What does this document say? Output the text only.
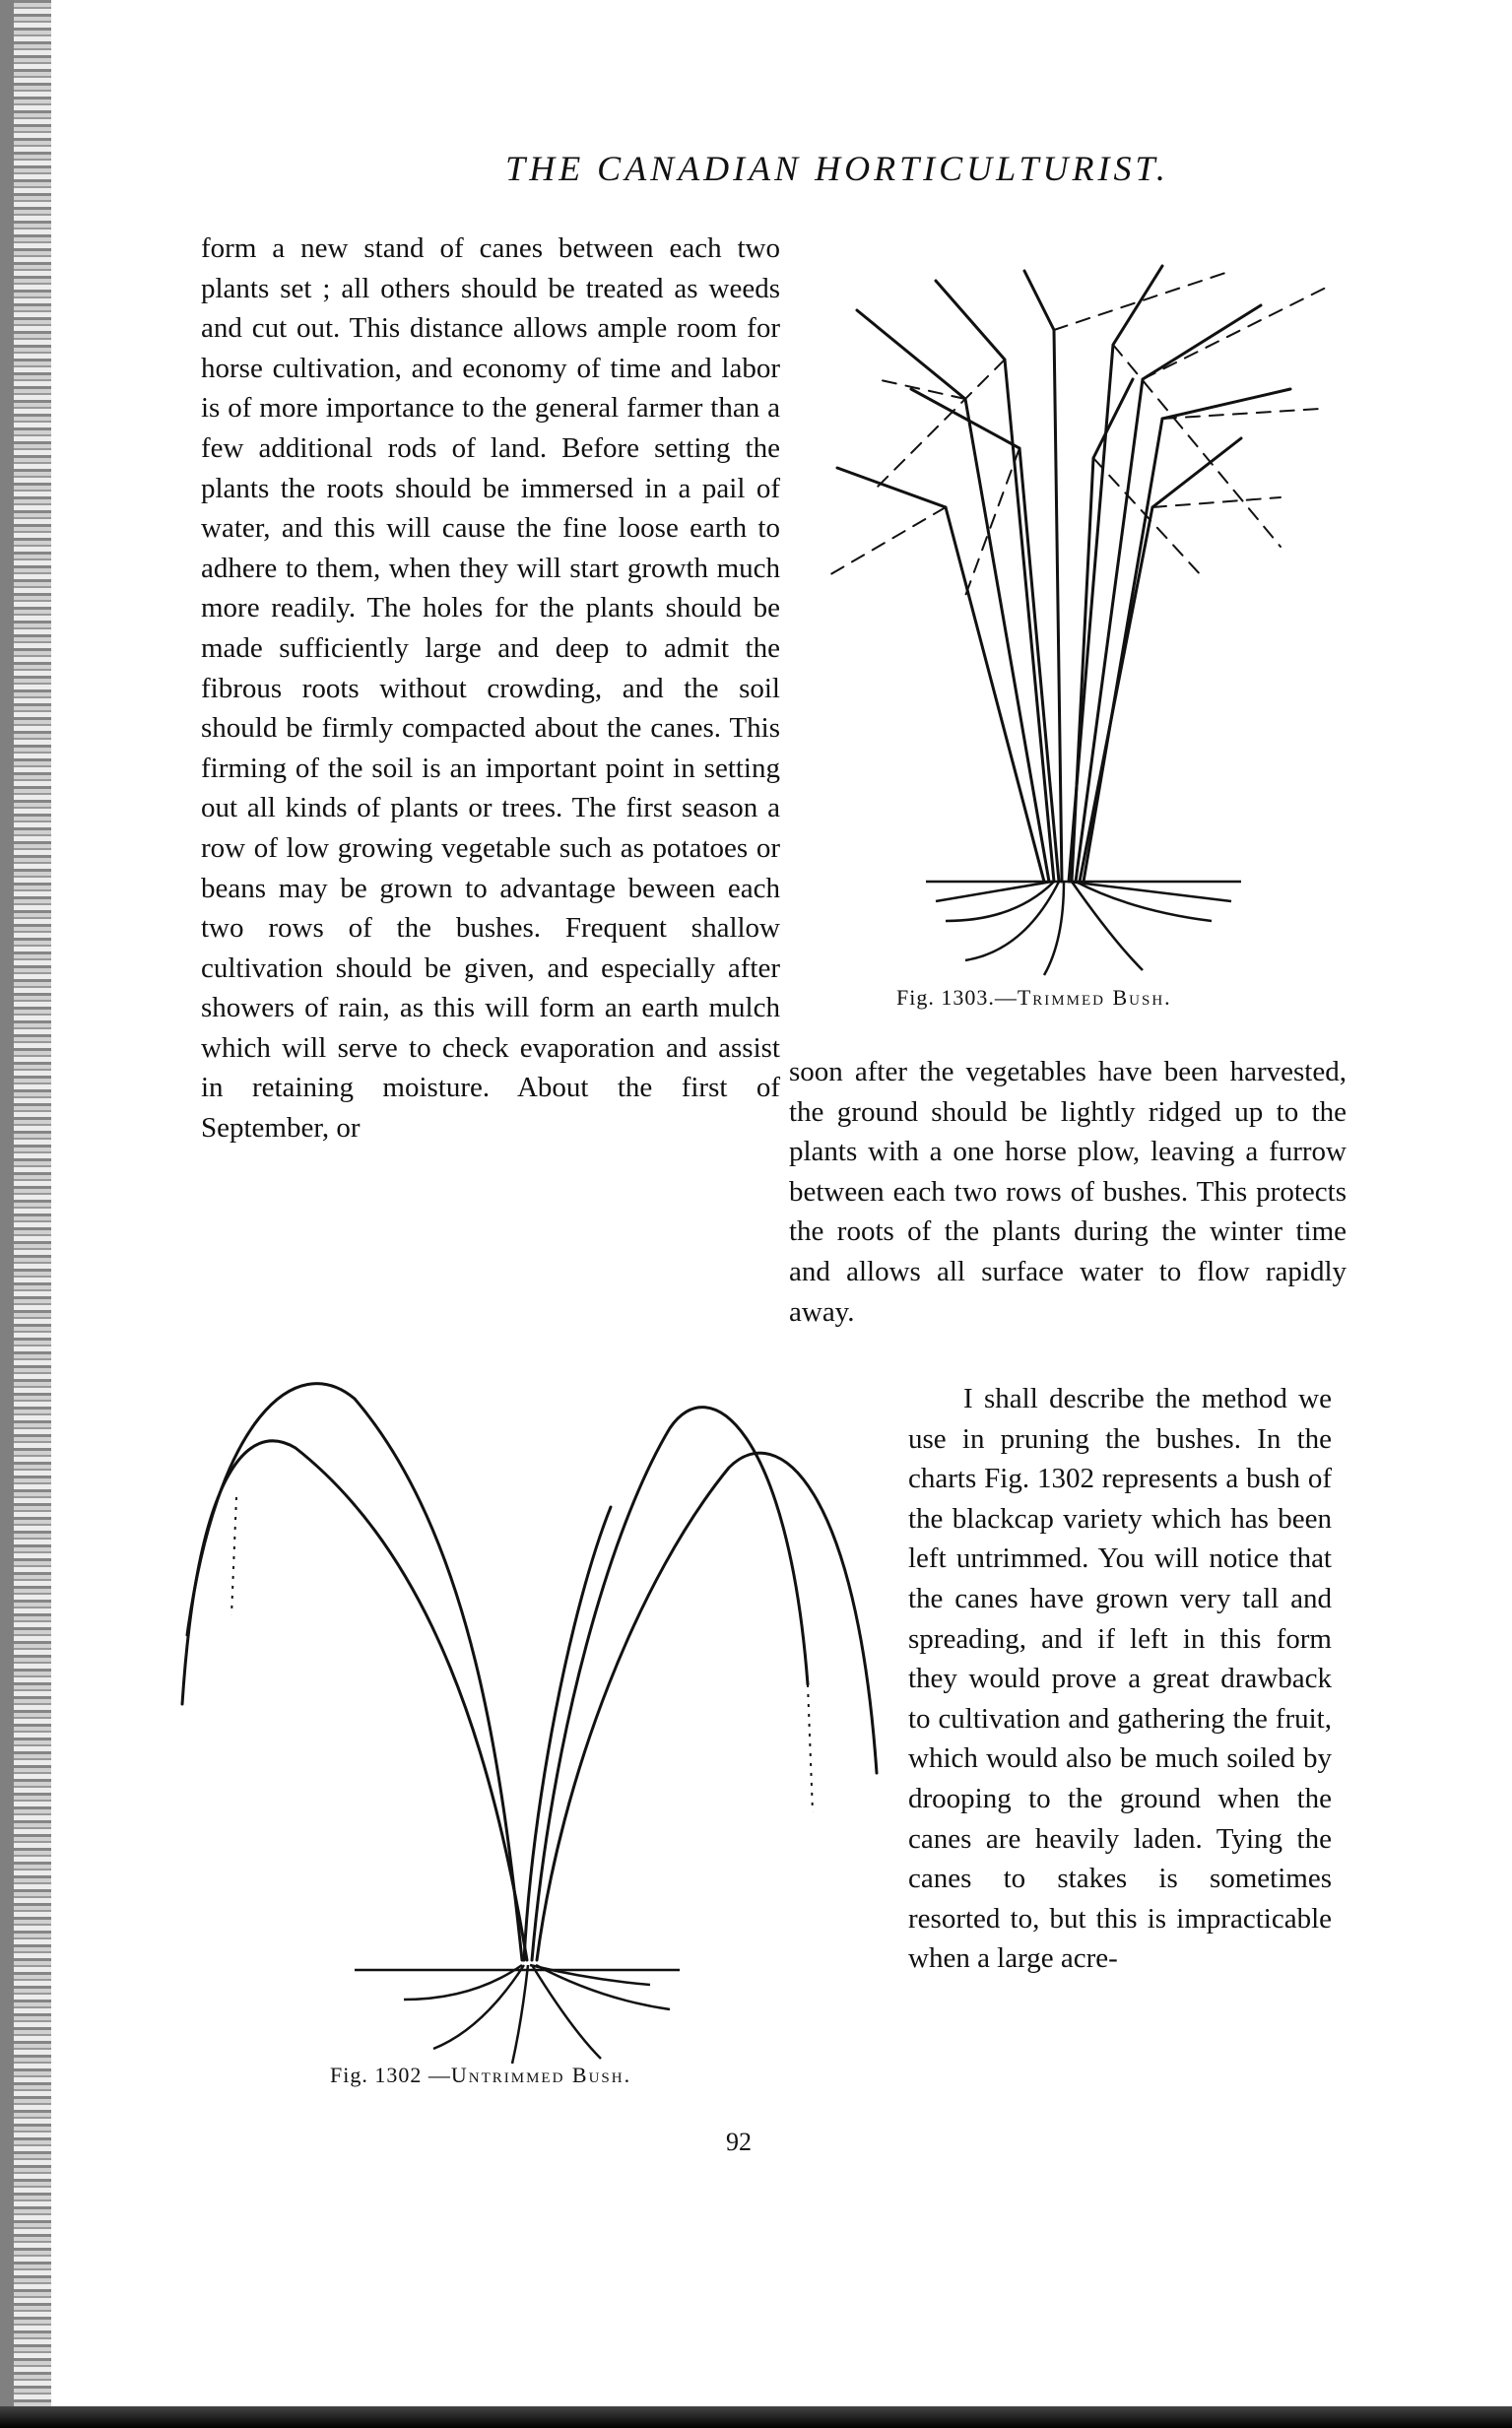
THE CANADIAN HORTICULTURIST.
form a new stand of canes between each two plants set ; all others should be treated as weeds and cut out. This distance allows ample room for horse cultivation, and economy of time and labor is of more importance to the general farmer than a few additional rods of land. Before setting the plants the roots should be immersed in a pail of water, and this will cause the fine loose earth to adhere to them, when they will start growth much more readily. The holes for the plants should be made sufficiently large and deep to admit the fibrous roots without crowding, and the soil should be firmly compacted about the canes. This firming of the soil is an important point in setting out all kinds of plants or trees. The first season a row of low growing vegetable such as potatoes or beans may be grown to advantage beween each two rows of the bushes. Frequent shallow cultivation should be given, and especially after showers of rain, as this will form an earth mulch which will serve to check evaporation and assist in retaining moisture. About the first of September, or
Fig. 1303.—Trimmed Bush.
soon after the vegetables have been harvested, the ground should be lightly ridged up to the plants with a one horse plow, leaving a furrow between each two rows of bushes. This protects the roots of the plants during the winter time and allows all surface water to flow rapidly away.
Fig. 1302 —Untrimmed Bush.
I shall describe the method we use in pruning the bushes. In the charts Fig. 1302 represents a bush of the blackcap variety which has been left untrimmed. You will notice that the canes have grown very tall and spreading, and if left in this form they would prove a great drawback to cultivation and gathering the fruit, which would also be much soiled by drooping to the ground when the canes are heavily laden. Tying the canes to stakes is sometimes resorted to, but this is impracticable when a large acre-
92
